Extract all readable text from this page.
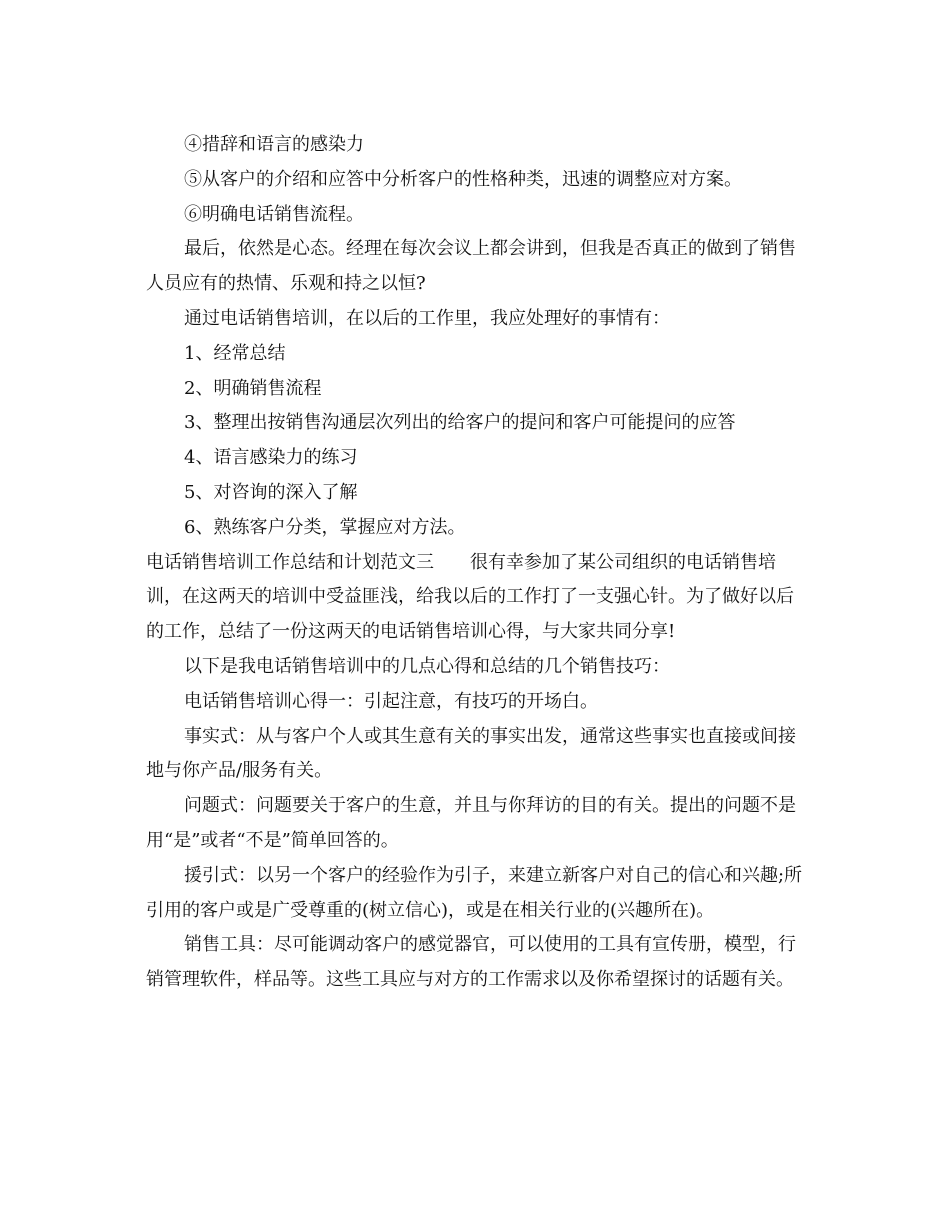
④措辞和语言的感染力

⑤从客户的介绍和应答中分析客户的性格种类，迅速的调整应对方案。

⑥明确电话销售流程。

最后，依然是心态。经理在每次会议上都会讲到，但我是否真正的做到了销售人员应有的热情、乐观和持之以恒?

通过电话销售培训，在以后的工作里，我应处理好的事情有：

1、经常总结

2、明确销售流程

3、整理出按销售沟通层次列出的给客户的提问和客户可能提问的应答

4、语言感染力的练习

5、对咨询的深入了解

6、熟练客户分类，掌握应对方法。

电话销售培训工作总结和计划范文三　　很有幸参加了某公司组织的电话销售培训，在这两天的培训中受益匪浅，给我以后的工作打了一支强心针。为了做好以后的工作，总结了一份这两天的电话销售培训心得，与大家共同分享!

以下是我电话销售培训中的几点心得和总结的几个销售技巧：

电话销售培训心得一：引起注意，有技巧的开场白。

事实式：从与客户个人或其生意有关的事实出发，通常这些事实也直接或间接地与你产品/服务有关。

问题式：问题要关于客户的生意，并且与你拜访的目的有关。提出的问题不是用“是”或者“不是”简单回答的。

援引式：以另一个客户的经验作为引子，来建立新客户对自己的信心和兴趣;所引用的客户或是广受尊重的(树立信心)，或是在相关行业的(兴趣所在)。

销售工具：尽可能调动客户的感觉器官，可以使用的工具有宣传册，模型，行销管理软件，样品等。这些工具应与对方的工作需求以及你希望探讨的话题有关。
